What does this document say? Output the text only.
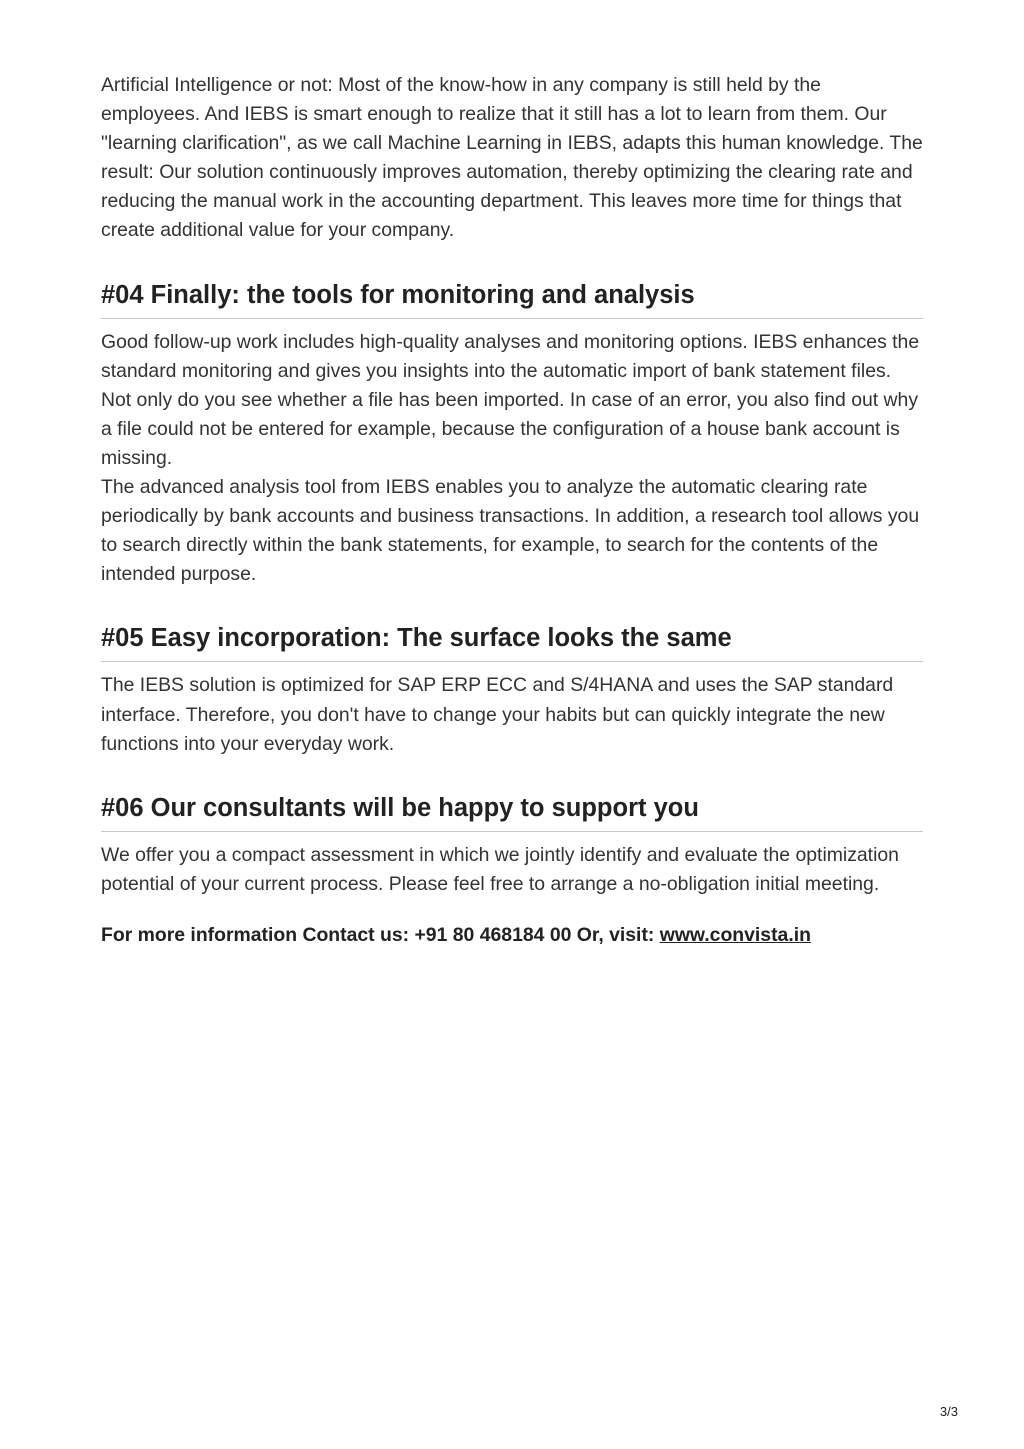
Artificial Intelligence or not: Most of the know-how in any company is still held by the employees. And IEBS is smart enough to realize that it still has a lot to learn from them. Our "learning clarification", as we call Machine Learning in IEBS, adapts this human knowledge. The result: Our solution continuously improves automation, thereby optimizing the clearing rate and reducing the manual work in the accounting department. This leaves more time for things that create additional value for your company.

#04 Finally: the tools for monitoring and analysis

Good follow-up work includes high-quality analyses and monitoring options. IEBS enhances the standard monitoring and gives you insights into the automatic import of bank statement files. Not only do you see whether a file has been imported. In case of an error, you also find out why a file could not be entered for example, because the configuration of a house bank account is missing.

The advanced analysis tool from IEBS enables you to analyze the automatic clearing rate periodically by bank accounts and business transactions. In addition, a research tool allows you to search directly within the bank statements, for example, to search for the contents of the intended purpose.

#05 Easy incorporation: The surface looks the same

The IEBS solution is optimized for SAP ERP ECC and S/4HANA and uses the SAP standard interface. Therefore, you don't have to change your habits but can quickly integrate the new functions into your everyday work.

#06 Our consultants will be happy to support you

We offer you a compact assessment in which we jointly identify and evaluate the optimization potential of your current process. Please feel free to arrange a no-obligation initial meeting.

For more information Contact us: +91 80 468184 00 Or, visit: www.convista.in

3/3
